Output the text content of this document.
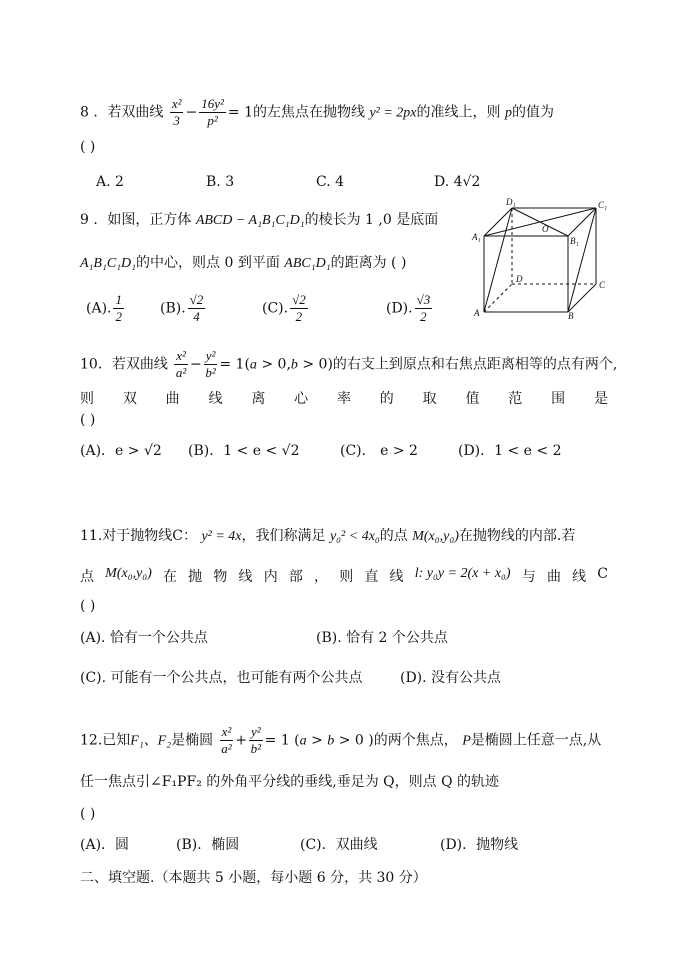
8 ．若双曲线 $\frac{\text{x²}}{3} - \frac{\text{16y²}}{\text{p²}} = 1$的左焦点在抛物线 y² = 2px的准线上，则 p的值为
( )
A. 2	B. 3	C. 4	D. 4√2
9 ．如图，正方体 ABCD − A₁B₁C₁D₁的棱长为 1 ,0 是底面
A₁B₁C₁D₁的中心，则点 0 到平面 ABC₁D₁的距离为 ( )
(A). $\frac{1}{2}$	(B). $\frac{√2}{4}$	(C). $\frac{√2}{2}$	(D). $\frac{√3}{2}$
D₁	C₁
A₁	B₁
O
D
C
A	B
10．若双曲线 $\frac{\text{x²}}{\text{a²}} - \frac{\text{y²}}{\text{b²}} = 1(a > 0,b > 0)$的右支上到原点和右焦点距离相等的点有两个,
则 双 曲 线 离 心 率 的 取 值 范 围 是
( )
(A)．e > √2 (B)．1 < e < √2	(C)． e > 2	(D)．1 < e < 2
11.对于抛物线C： y² = 4x，我们称满足 y₀² < 4x₀的点 M(x₀,y₀)在抛物线的内部.若
点 M(x₀,y₀) 在 抛 物 线 内 部 ， 则 直 线 l: y₀y = 2(x + x₀) 与 曲 线 C
( )
(A). 恰有一个公共点	(B). 恰有 2 个公共点
(C). 可能有一个公共点，也可能有两个公共点	(D). 没有公共点
12.已知F₁、F₂是椭圆 $\frac{\text{x²}}{\text{a²}} + \frac{\text{y²}}{\text{b²}} = 1$ (a > b > 0 )的两个焦点， P是椭圆上任意一点,从
任一焦点引∠F₁PF₂ 的外角平分线的垂线,垂足为 Q，则点 Q 的轨迹
( )
(A)．圆	(B)．椭圆	(C)．双曲线	(D)．抛物线
二、填空题.（本题共 5 小题，每小题 6 分，共 30 分）
